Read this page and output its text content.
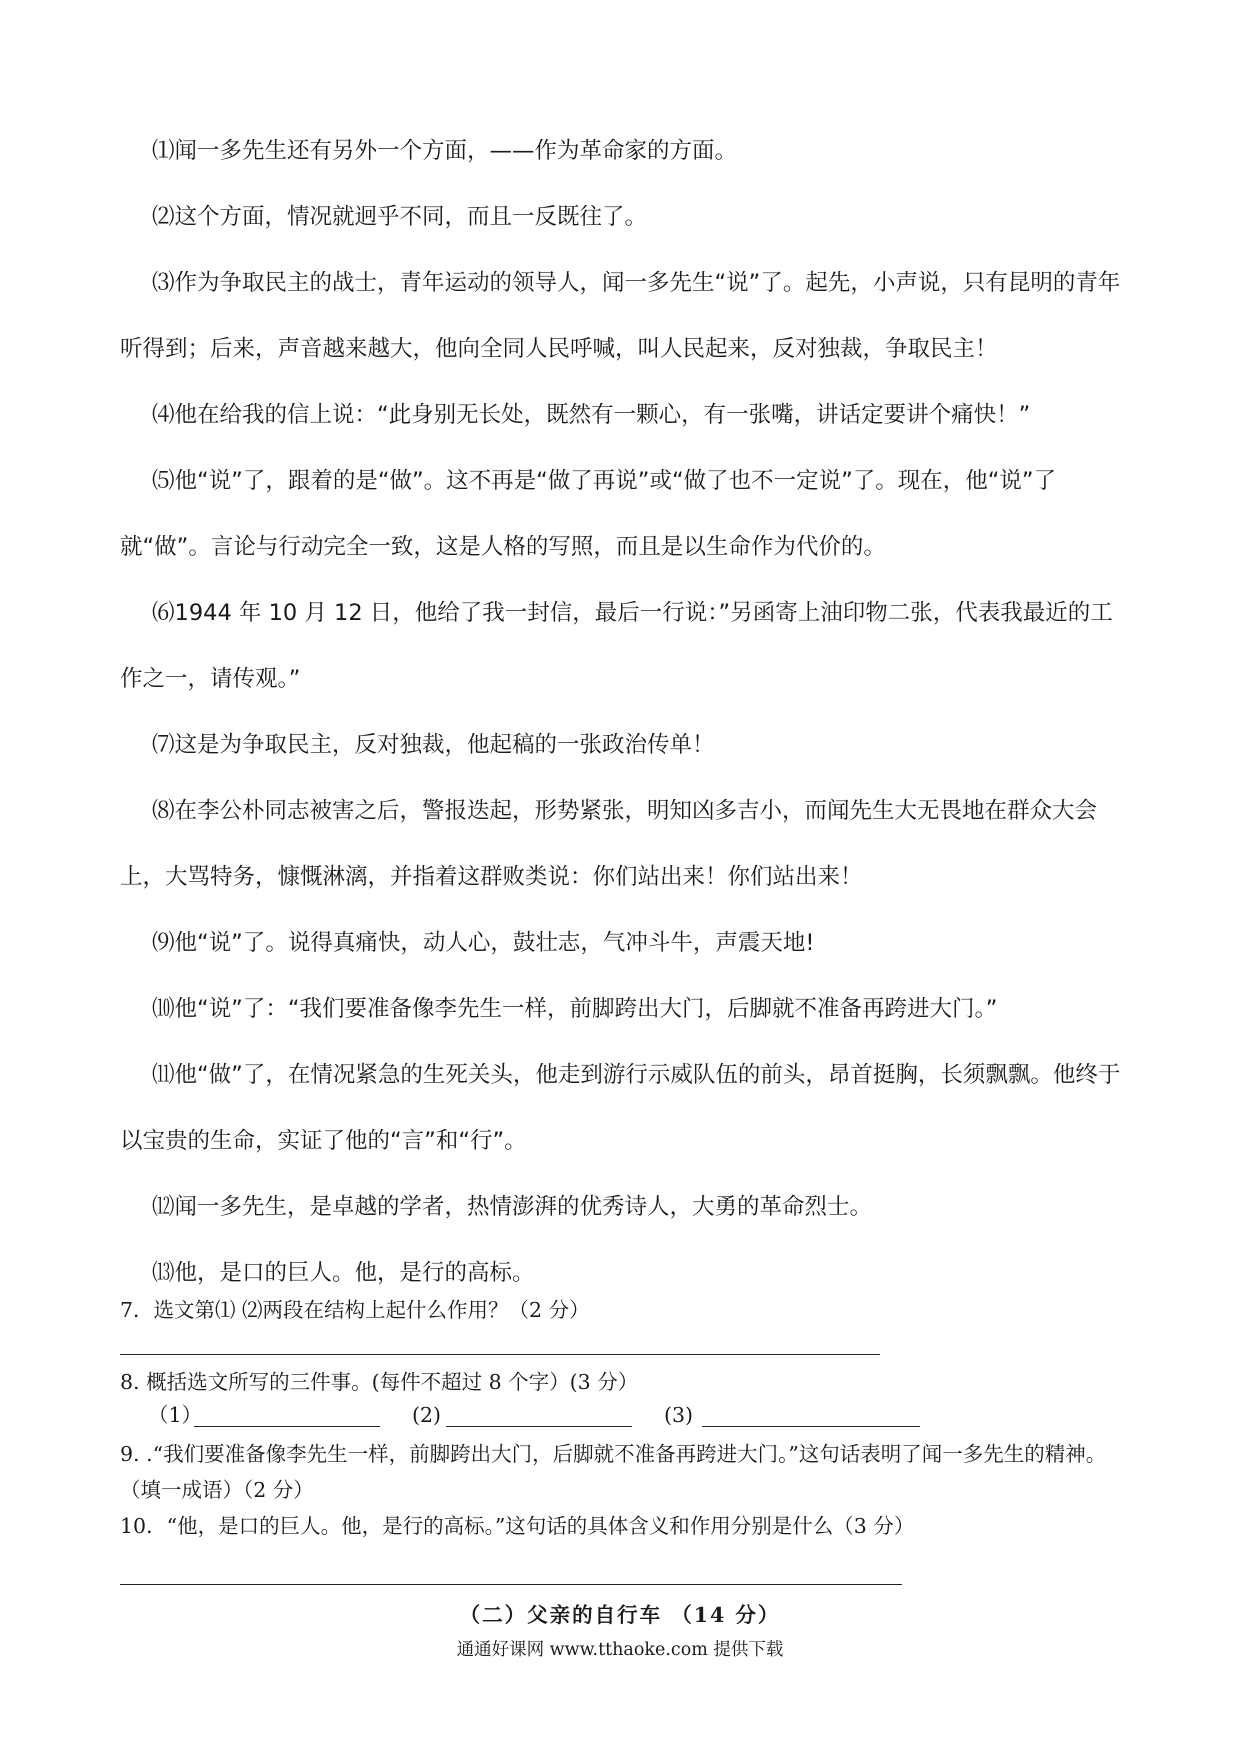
⑴闻一多先生还有另外一个方面，——作为革命家的方面。

⑵这个方面，情况就迥乎不同，而且一反既往了。

⑶作为争取民主的战士，青年运动的领导人，闻一多先生“说”了。起先，小声说，只有昆明的青年听得到；后来，声音越来越大，他向全同人民呼喊，叫人民起来，反对独裁，争取民主！

⑷他在给我的信上说：“此身别无长处，既然有一颗心，有一张嘴，讲话定要讲个痛快！”

⑸他“说”了，跟着的是“做”。这不再是“做了再说”或“做了也不一定说”了。现在，他“说”了就“做”。言论与行动完全一致，这是人格的写照，而且是以生命作为代价的。

⑹1944 年 10 月 12 日，他给了我一封信，最后一行说：”另函寄上油印物二张，代表我最近的工作之一，请传观。”

⑺这是为争取民主，反对独裁，他起稿的一张政治传单！

⑻在李公朴同志被害之后，警报迭起，形势紧张，明知凶多吉小，而闻先生大无畏地在群众大会上，大骂特务，慷慨淋漓，并指着这群败类说：你们站出来！你们站出来！

⑼他“说”了。说得真痛快，动人心，鼓壮志，气冲斗牛，声震天地!

⑽他“说”了：“我们要准备像李先生一样，前脚跨出大门，后脚就不准备再跨进大门。”

⑾他“做”了，在情况紧急的生死关头，他走到游行示威队伍的前头，昂首挺胸，长须飘飘。他终于以宝贵的生命，实证了他的“言”和“行”。

⑿闻一多先生，是卓越的学者，热情澎湃的优秀诗人，大勇的革命烈士。

⒀他，是口的巨人。他，是行的高标。

7．选文第⑴ ⑵两段在结构上起什么作用？（2 分）

8. 概括选文所写的三件事。(每件不超过 8 个字）(3 分）

（1）	(2)	(3)

9. .“我们要准备像李先生一样，前脚跨出大门，后脚就不准备再跨进大门。”这句话表明了闻一多先生的精神。（填一成语）（2 分）

10．“他，是口的巨人。他，是行的高标。”这句话的具体含义和作用分别是什么（3 分）

（二）父亲的自行车 （14 分）
通通好课网 www.tthaoke.com 提供下载
